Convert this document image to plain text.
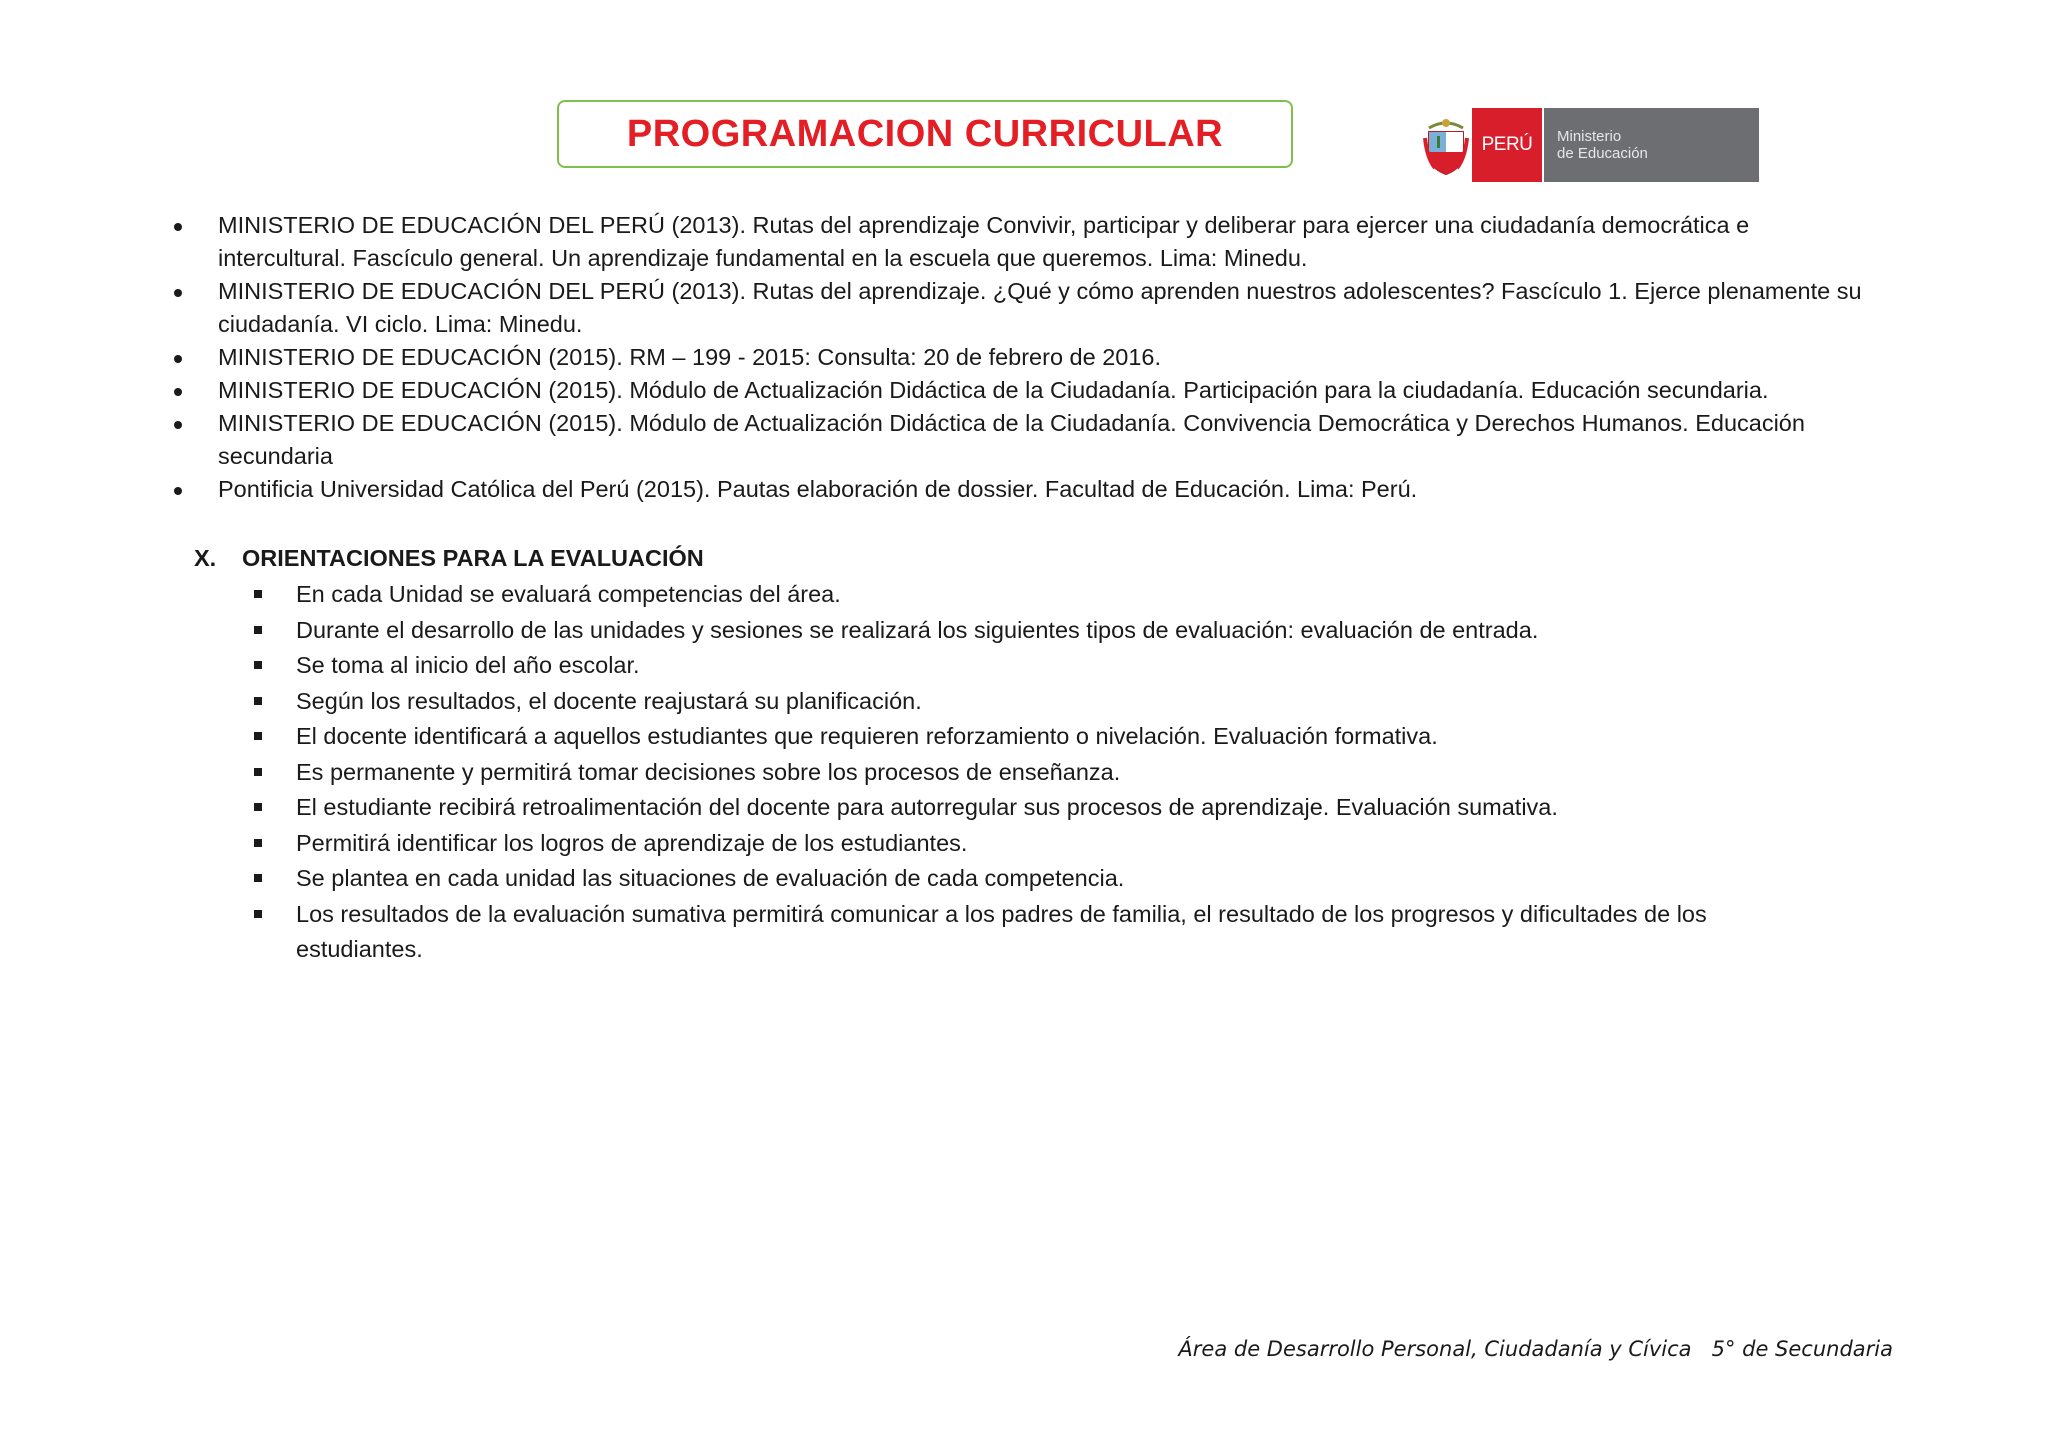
PROGRAMACION CURRICULAR	PERÚ	Ministerio
de Educación
MINISTERIO DE EDUCACIÓN DEL PERÚ (2013). Rutas del aprendizaje Convivir, participar y deliberar para ejercer una ciudadanía democrática e intercultural. Fascículo general. Un aprendizaje fundamental en la escuela que queremos. Lima: Minedu.
MINISTERIO DE EDUCACIÓN DEL PERÚ (2013). Rutas del aprendizaje. ¿Qué y cómo aprenden nuestros adolescentes? Fascículo 1. Ejerce plenamente su ciudadanía. VI ciclo. Lima: Minedu.
MINISTERIO DE EDUCACIÓN (2015). RM – 199 - 2015: Consulta: 20 de febrero de 2016.
MINISTERIO DE EDUCACIÓN (2015). Módulo de Actualización Didáctica de la Ciudadanía. Participación para la ciudadanía. Educación secundaria.
MINISTERIO DE EDUCACIÓN (2015). Módulo de Actualización Didáctica de la Ciudadanía. Convivencia Democrática y Derechos Humanos. Educación secundaria
Pontificia Universidad Católica del Perú (2015). Pautas elaboración de dossier. Facultad de Educación. Lima: Perú.
X.	ORIENTACIONES PARA LA EVALUACIÓN
En cada Unidad se evaluará competencias del área.
Durante el desarrollo de las unidades y sesiones se realizará los siguientes tipos de evaluación: evaluación de entrada.
Se toma al inicio del año escolar.
Según los resultados, el docente reajustará su planificación.
El docente identificará a aquellos estudiantes que requieren reforzamiento o nivelación. Evaluación formativa.
Es permanente y permitirá tomar decisiones sobre los procesos de enseñanza.
El estudiante recibirá retroalimentación del docente para autorregular sus procesos de aprendizaje. Evaluación sumativa.
Permitirá identificar los logros de aprendizaje de los estudiantes.
Se plantea en cada unidad las situaciones de evaluación de cada competencia.
Los resultados de la evaluación sumativa permitirá comunicar a los padres de familia, el resultado de los progresos y dificultades de los estudiantes.
Área de Desarrollo Personal, Ciudadanía y Cívica 5° de Secundaria
